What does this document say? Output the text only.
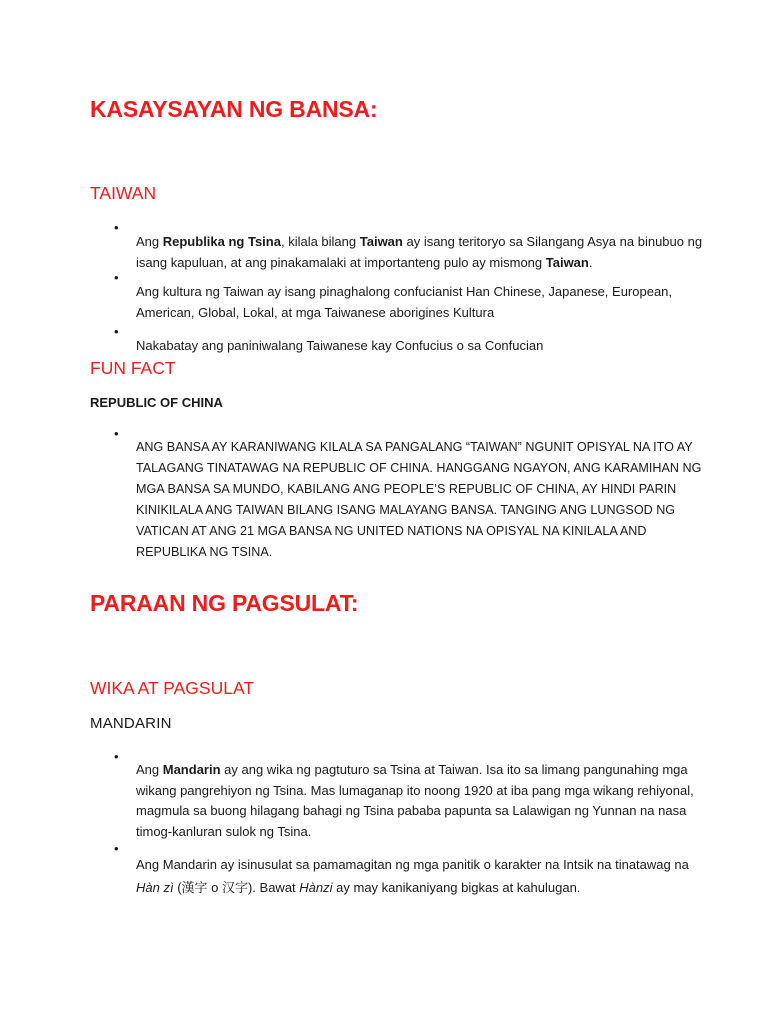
KASAYSAYAN NG BANSA:
TAIWAN
•

Ang Republika ng Tsina, kilala bilang Taiwan ay isang teritoryo sa Silangang Asya na binubuo ng isang kapuluan, at ang pinakamalaki at importanteng pulo ay mismong Taiwan.

•

Ang kultura ng Taiwan ay isang pinaghalong confucianist Han Chinese, Japanese, European, American, Global, Lokal, at mga Taiwanese aborigines Kultura

•

Nakabatay ang paniniwalang Taiwanese kay Confucius o sa Confucian

FUN FACT
REPUBLIC OF CHINA
•

ANG BANSA AY KARANIWANG KILALA SA PANGALANG “TAIWAN” NGUNIT OPISYAL NA ITO AY TALAGANG TINATAWAG NA REPUBLIC OF CHINA. HANGGANG NGAYON, ANG KARAMIHAN NG MGA BANSA SA MUNDO, KABILANG ANG PEOPLE’S REPUBLIC OF CHINA, AY HINDI PARIN KINIKILALA ANG TAIWAN BILANG ISANG MALAYANG BANSA. TANGING ANG LUNGSOD NG VATICAN AT ANG 21 MGA BANSA NG UNITED NATIONS NA OPISYAL NA KINILALA AND REPUBLIKA NG TSINA.

PARAAN NG PAGSULAT:
WIKA AT PAGSULAT
MANDARIN
•

Ang Mandarin ay ang wika ng pagtuturo sa Tsina at Taiwan. Isa ito sa limang pangunahing mga wikang pangrehiyon ng Tsina. Mas lumaganap ito noong 1920 at iba pang mga wikang rehiyonal, magmula sa buong hilagang bahagi ng Tsina pababa papunta sa Lalawigan ng Yunnan na nasa timog-kanluran sulok ng Tsina.

•

Ang Mandarin ay isinusulat sa pamamagitan ng mga panitik o karakter na Intsik na tinatawag na Hàn zì (漢字 o 汉字). Bawat Hànzi ay may kanikaniyang bigkas at kahulugan.
